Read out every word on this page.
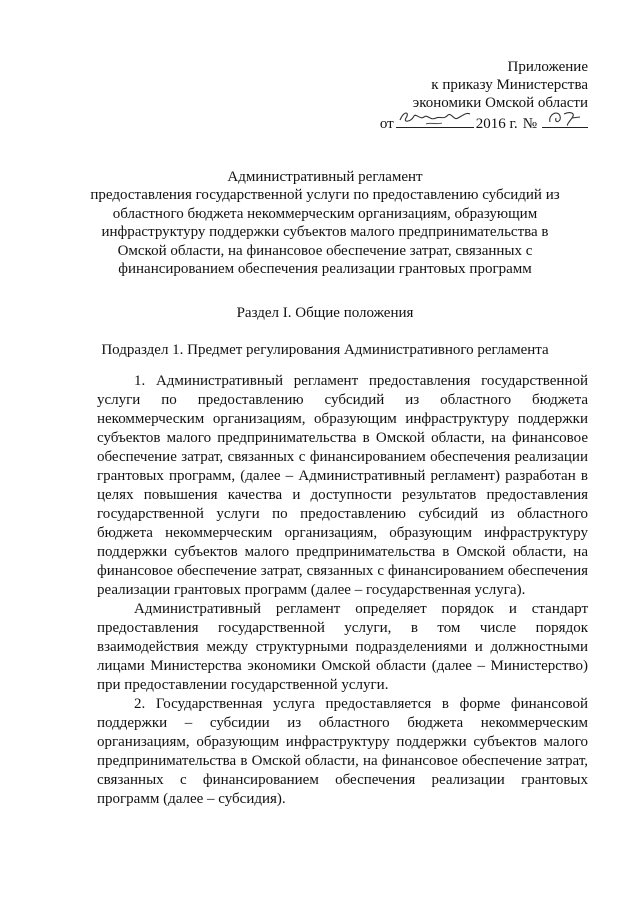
Приложение
к приказу Министерства
экономики Омской области
от	2016 г. №
Административный регламент
предоставления государственной услуги по предоставлению субсидий из
областного бюджета некоммерческим организациям, образующим
инфраструктуру поддержки субъектов малого предпринимательства в
Омской области, на финансовое обеспечение затрат, связанных с
финансированием обеспечения реализации грантовых программ
Раздел I. Общие положения
Подраздел 1. Предмет регулирования Административного регламента

1. Административный регламент предоставления государственной услуги по предоставлению субсидий из областного бюджета некоммерческим организациям, образующим инфраструктуру поддержки субъектов малого предпринимательства в Омской области, на финансовое обеспечение затрат, связанных с финансированием обеспечения реализации грантовых программ, (далее – Административный регламент) разработан в целях повышения качества и доступности результатов предоставления государственной услуги по предоставлению субсидий из областного бюджета некоммерческим организациям, образующим инфраструктуру поддержки субъектов малого предпринимательства в Омской области, на финансовое обеспечение затрат, связанных с финансированием обеспечения реализации грантовых программ (далее – государственная услуга).

Административный регламент определяет порядок и стандарт предоставления государственной услуги, в том числе порядок взаимодействия между структурными подразделениями и должностными лицами Министерства экономики Омской области (далее – Министерство) при предоставлении государственной услуги.

2. Государственная услуга предоставляется в форме финансовой поддержки – субсидии из областного бюджета некоммерческим организациям, образующим инфраструктуру поддержки субъектов малого предпринимательства в Омской области, на финансовое обеспечение затрат, связанных с финансированием обеспечения реализации грантовых программ (далее – субсидия).
